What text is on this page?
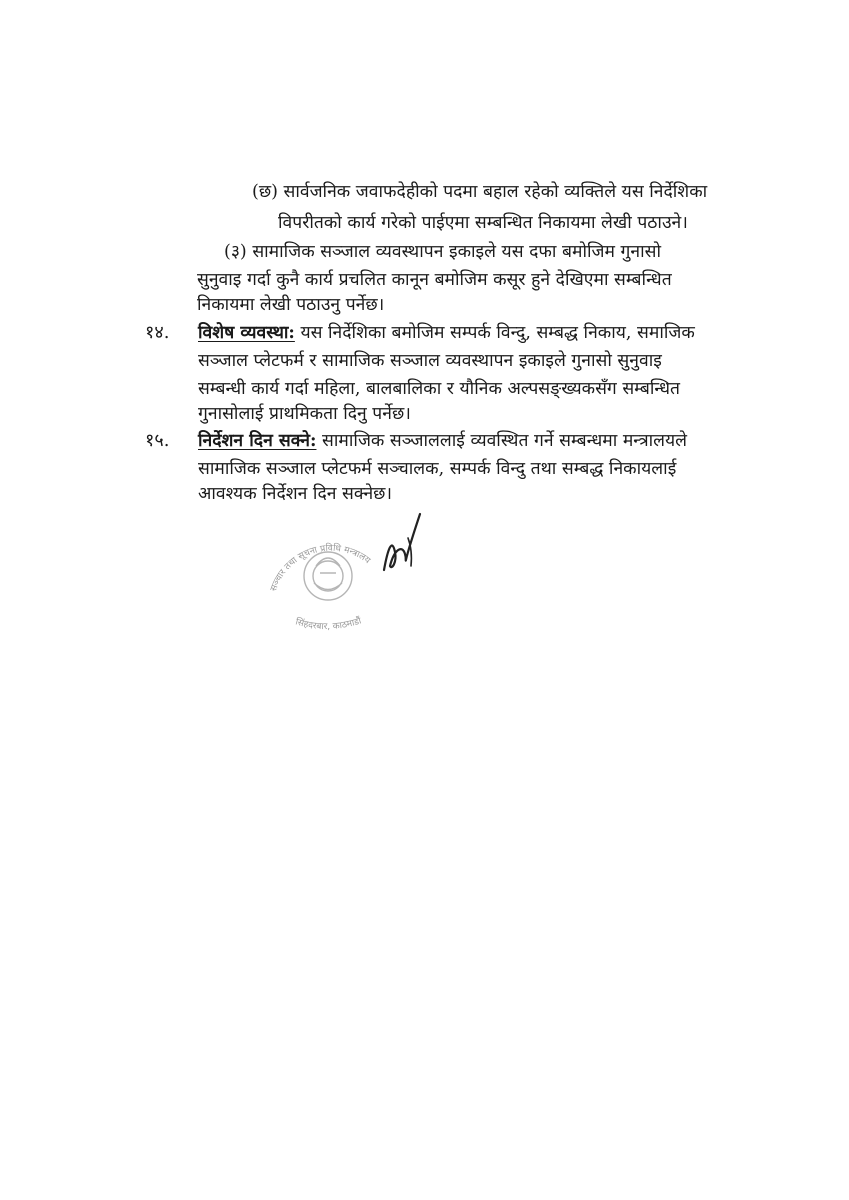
(छ) सार्वजनिक जवाफदेहीको पदमा बहाल रहेको व्यक्तिले यस निर्देशिका
विपरीतको कार्य गरेको पाईएमा सम्बन्धित निकायमा लेखी पठाउने।
(३) सामाजिक सञ्जाल व्यवस्थापन इकाइले यस दफा बमोजिम गुनासो
सुनुवाइ गर्दा कुनै कार्य प्रचलित कानून बमोजिम कसूर हुने देखिएमा सम्बन्धित
निकायमा लेखी पठाउनु पर्नेछ।
१४. विशेष व्यवस्था: यस निर्देशिका बमोजिम सम्पर्क विन्दु, सम्बद्ध निकाय, समाजिक
सञ्जाल प्लेटफर्म र सामाजिक सञ्जाल व्यवस्थापन इकाइले गुनासो सुनुवाइ
सम्बन्धी कार्य गर्दा महिला, बालबालिका र यौनिक अल्पसङ्ख्यकसँग सम्बन्धित
गुनासोलाई प्राथमिकता दिनु पर्नेछ।
१५. निर्देशन दिन सक्ने: सामाजिक सञ्जाललाई व्यवस्थित गर्ने सम्बन्धमा मन्त्रालयले
सामाजिक सञ्जाल प्लेटफर्म सञ्चालक, सम्पर्क विन्दु तथा सम्बद्ध निकायलाई
आवश्यक निर्देशन दिन सक्नेछ।
सञ्चार तथा सूचना प्रविधि मन्त्रालय
सिंहदरबार, काठमाडौं
